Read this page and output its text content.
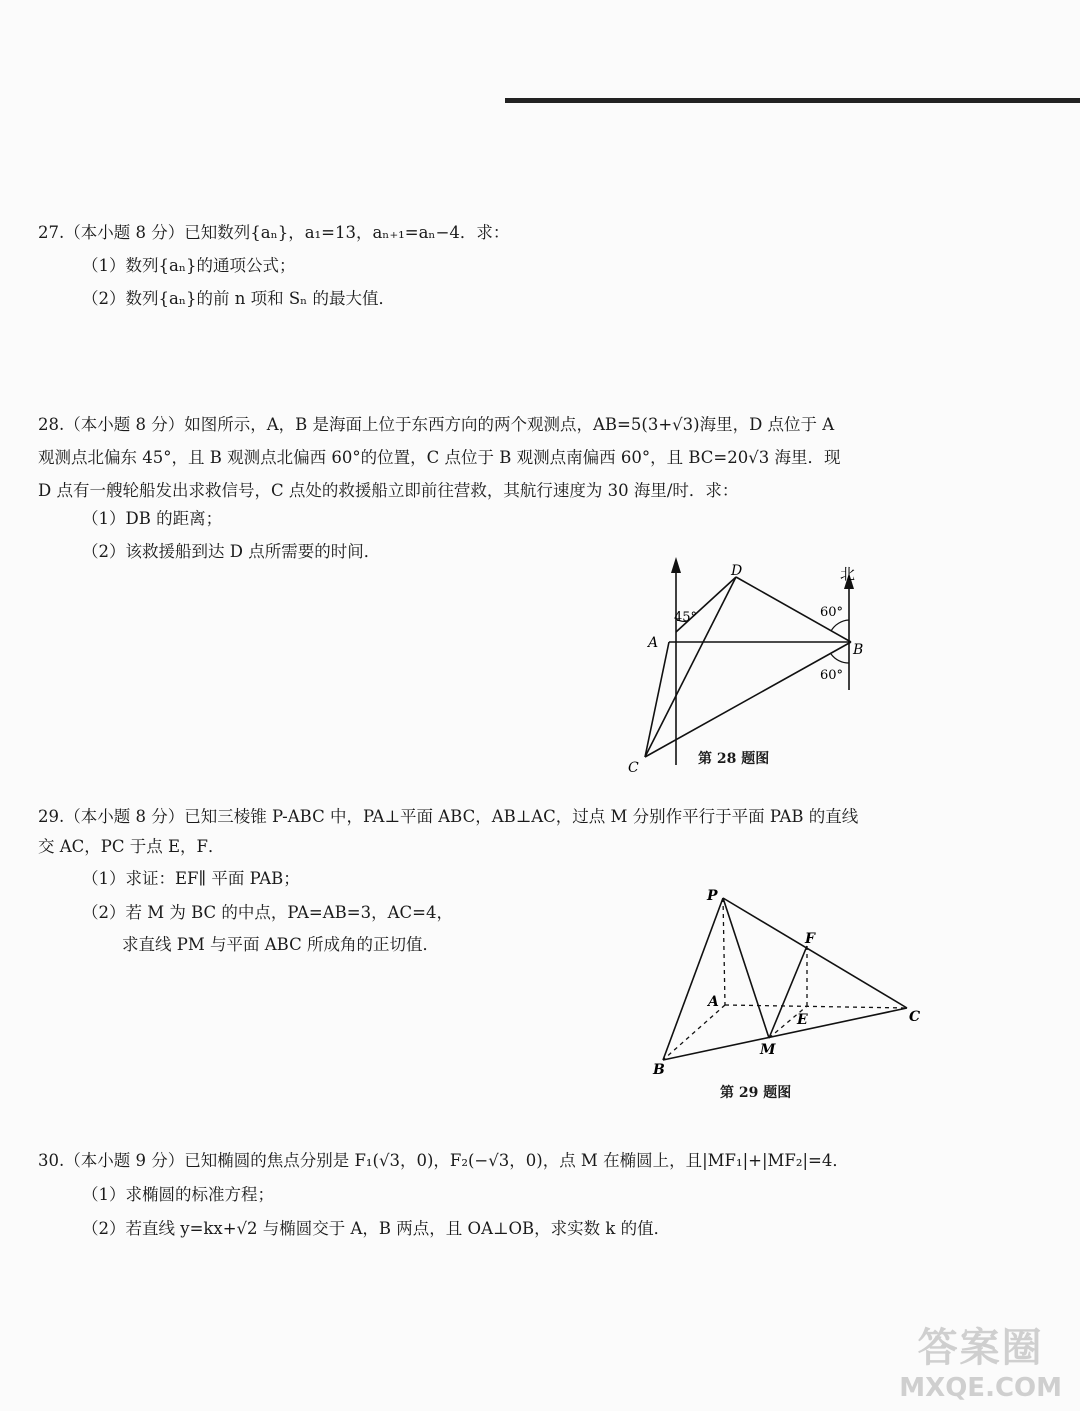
27.（本小题 8 分）已知数列{aₙ}，a₁=13，aₙ₊₁=aₙ−4．求：
（1）数列{aₙ}的通项公式；
（2）数列{aₙ}的前 n 项和 Sₙ 的最大值．
28.（本小题 8 分）如图所示，A，B 是海面上位于东西方向的两个观测点，AB=5(3+√3)海里，D 点位于 A
观测点北偏东 45°，且 B 观测点北偏西 60°的位置，C 点位于 B 观测点南偏西 60°，且 BC=20√3 海里．现
D 点有一艘轮船发出求救信号，C 点处的救援船立即前往营救，其航行速度为 30 海里/时．求：
（1）DB 的距离；
（2）该救援船到达 D 点所需要的时间．
D
A	B
C
北
45°	60°
60°
第 28 题图
29.（本小题 8 分）已知三棱锥 P-ABC 中，PA⊥平面 ABC，AB⊥AC，过点 M 分别作平行于平面 PAB 的直线
交 AC，PC 于点 E，F．
（1）求证：EF∥ 平面 PAB；
（2）若 M 为 BC 的中点，PA=AB=3，AC=4，
求直线 PM 与平面 ABC 所成角的正切值．
P
A
B
C
M
E
F
第 29 题图
30.（本小题 9 分）已知椭圆的焦点分别是 F₁(√3，0)，F₂(−√3，0)，点 M 在椭圆上，且|MF₁|+|MF₂|=4．
（1）求椭圆的标准方程；
（2）若直线 y=kx+√2 与椭圆交于 A，B 两点，且 OA⊥OB，求实数 k 的值．
答案圈
MXQE.COM
